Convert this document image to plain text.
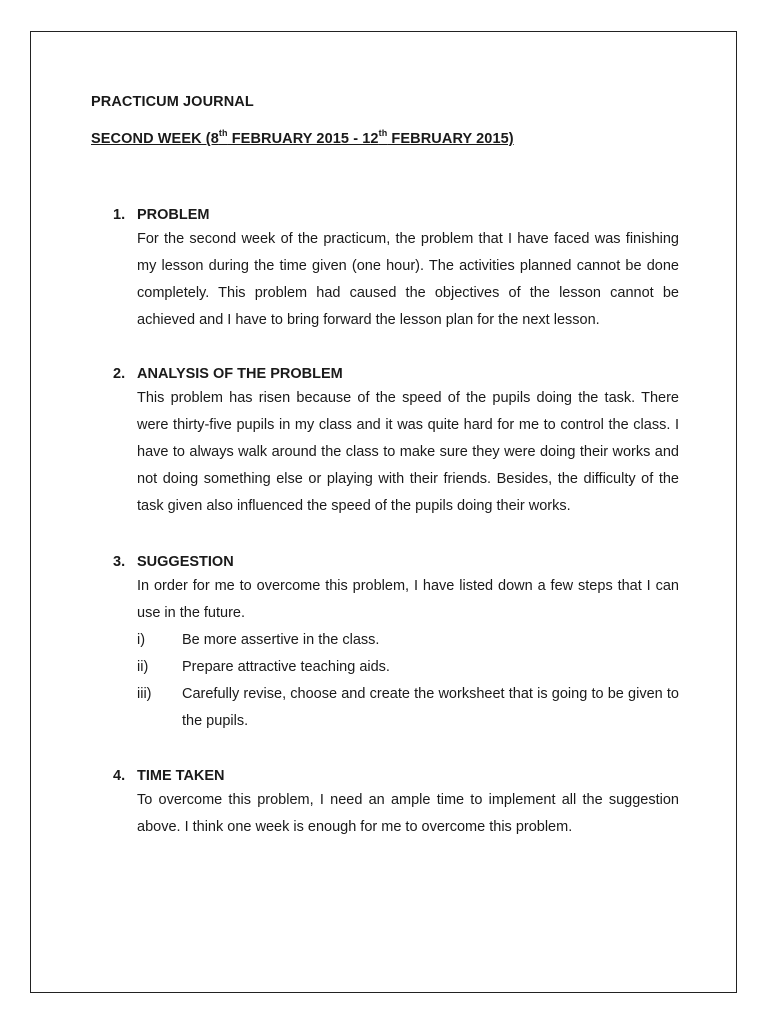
PRACTICUM JOURNAL
SECOND WEEK (8th FEBRUARY 2015 - 12th FEBRUARY 2015)
1. PROBLEM
For the second week of the practicum, the problem that I have faced was finishing my lesson during the time given (one hour). The activities planned cannot be done completely. This problem had caused the objectives of the lesson cannot be achieved and I have to bring forward the lesson plan for the next lesson.
2. ANALYSIS OF THE PROBLEM
This problem has risen because of the speed of the pupils doing the task. There were thirty-five pupils in my class and it was quite hard for me to control the class. I have to always walk around the class to make sure they were doing their works and not doing something else or playing with their friends. Besides, the difficulty of the task given also influenced the speed of the pupils doing their works.
3. SUGGESTION
In order for me to overcome this problem, I have listed down a few steps that I can use in the future.
i)	Be more assertive in the class.
ii)	Prepare attractive teaching aids.
iii)	Carefully revise, choose and create the worksheet that is going to be given to the pupils.
4. TIME TAKEN
To overcome this problem, I need an ample time to implement all the suggestion above. I think one week is enough for me to overcome this problem.
